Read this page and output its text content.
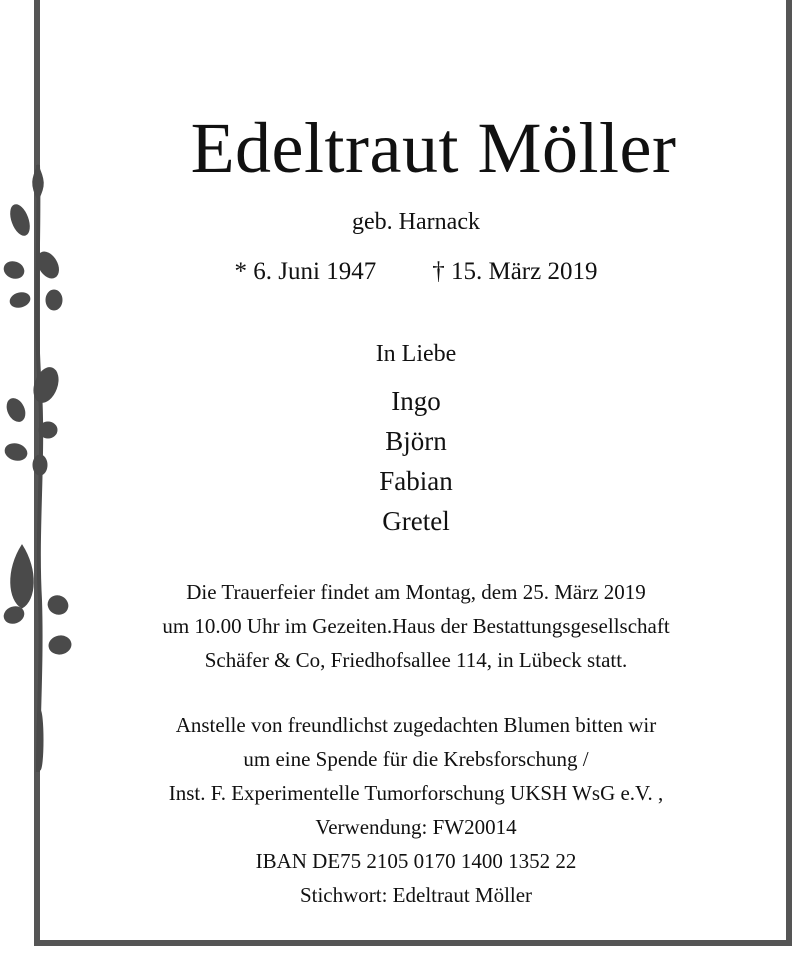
Edeltraut Möller
geb. Harnack
* 6. Juni 1947 † 15. März 2019
In Liebe
Ingo
Björn
Fabian
Gretel
Die Trauerfeier findet am Montag, dem 25. März 2019
um 10.00 Uhr im Gezeiten.Haus der Bestattungsgesellschaft
Schäfer & Co, Friedhofsallee 114, in Lübeck statt.
Anstelle von freundlichst zugedachten Blumen bitten wir
um eine Spende für die Krebsforschung /
Inst. F. Experimentelle Tumorforschung UKSH WsG e.V. ,
Verwendung: FW20014
IBAN DE75 2105 0170 1400 1352 22
Stichwort: Edeltraut Möller
